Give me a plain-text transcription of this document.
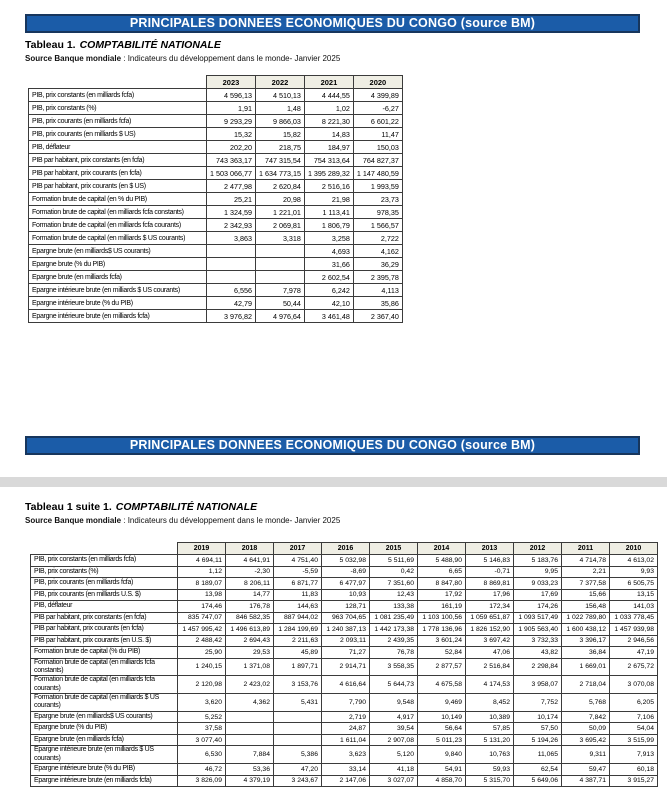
PRINCIPALES DONNEES ECONOMIQUES DU CONGO (source BM)
Tableau 1. COMPTABILITÉ NATIONALE
Source Banque mondiale : Indicateurs du développement dans le monde- Janvier 2025
	2023	2022	2021	2020
PIB, prix constants (en milliards fcfa)	4 596,13	4 510,13	4 444,55	4 399,89
PIB, prix constants (%)	1,91	1,48	1,02	-6,27
PIB, prix courants (en milliards fcfa)	9 293,29	9 866,03	8 221,30	6 601,22
PIB, prix courants (en milliards $ US)	15,32	15,82	14,83	11,47
PIB, déflateur	202,20	218,75	184,97	150,03
PIB par habitant, prix constants (en fcfa)	743 363,17	747 315,54	754 313,64	764 827,37
PIB par habitant, prix courants (en fcfa)	1 503 066,77	1 634 773,15	1 395 289,32	1 147 480,59
PIB par habitant, prix courants (en $ US)	2 477,98	2 620,84	2 516,16	1 993,59
Formation brute de capital (en % du PIB)	25,21	20,98	21,98	23,73
Formation brute de capital (en milliards fcfa constants)	1 324,59	1 221,01	1 113,41	978,35
Formation brute de capital (en milliards fcfa courants)	2 342,93	2 069,81	1 806,79	1 566,57
Formation brute de capital (en milliards $ US courants)	3,863	3,318	3,258	2,722
Epargne brute (en milliards$ US courants)			4,693	4,162
Epargne brute (% du PIB)			31,66	36,29
Epargne brute (en milliards fcfa)			2 602,54	2 395,78
Epargne intérieure brute (en milliards $ US courants)	6,556	7,978	6,242	4,113
Epargne intérieure brute (% du PIB)	42,79	50,44	42,10	35,86
Epargne intérieure brute (en milliards fcfa)	3 976,82	4 976,64	3 461,48	2 367,40
PRINCIPALES DONNEES ECONOMIQUES DU CONGO (source BM)
Tableau 1 suite 1. COMPTABILITÉ NATIONALE
Source Banque mondiale : Indicateurs du développement dans le monde- Janvier 2025
	2019	2018	2017	2016	2015	2014	2013	2012	2011	2010
PIB, prix constants (en milliards fcfa)	4 694,11	4 641,91	4 751,40	5 032,98	5 511,69	5 488,90	5 146,83	5 183,76	4 714,78	4 613,02
PIB, prix constants (%)	1,12	-2,30	-5,59	-8,69	0,42	6,65	-0,71	9,95	2,21	9,93
PIB, prix courants (en milliards fcfa)	8 189,07	8 206,11	6 871,77	6 477,97	7 351,60	8 847,80	8 869,81	9 033,23	7 377,58	6 505,75
PIB, prix courants (en milliards U.S. $)	13,98	14,77	11,83	10,93	12,43	17,92	17,96	17,69	15,66	13,15
PIB, déflateur	174,46	176,78	144,63	128,71	133,38	161,19	172,34	174,26	156,48	141,03
PIB par habitant, prix constants (en fcfa)	835 747,07	846 582,35	887 944,02	963 704,65	1 081 235,49	1 103 100,56	1 059 651,87	1 093 517,49	1 022 789,80	1 033 778,45
PIB par habitant, prix courants (en fcfa)	1 457 995,42	1 496 613,89	1 284 199,69	1 240 387,13	1 442 173,38	1 778 136,96	1 826 152,90	1 905 563,40	1 600 438,12	1 457 939,98
PIB par habitant, prix courants (en U.S. $)	2 488,42	2 694,43	2 211,63	2 093,11	2 439,35	3 601,24	3 697,42	3 732,33	3 396,17	2 946,56
Formation brute de capital (% du PIB)	25,90	29,53	45,89	71,27	76,78	52,84	47,06	43,82	36,84	47,19
Formation brute de capital (en milliards fcfa constants)	1 240,15	1 371,08	1 897,71	2 914,71	3 558,35	2 877,57	2 516,84	2 298,84	1 669,01	2 675,72
Formation brute de capital (en milliards fcfa courants)	2 120,98	2 423,02	3 153,76	4 616,64	5 644,73	4 675,58	4 174,53	3 958,07	2 718,04	3 070,08
Formation brute de capital (en milliards $ US courants)	3,620	4,362	5,431	7,790	9,548	9,469	8,452	7,752	5,768	6,205
Epargne brute (en milliards$ US courants)	5,252			2,719	4,917	10,149	10,389	10,174	7,842	7,106
Epargne brute (% du PIB)	37,58			24,87	39,54	56,64	57,85	57,50	50,09	54,04
Epargne brute (en milliards fcfa)	3 077,40			1 611,04	2 907,08	5 011,23	5 131,20	5 194,26	3 695,42	3 515,99
Epargne intérieure brute (en milliards $ US courants)	6,530	7,884	5,386	3,623	5,120	9,840	10,763	11,065	9,311	7,913
Epargne intérieure brute (% du PIB)	46,72	53,36	47,20	33,14	41,18	54,91	59,93	62,54	59,47	60,18
Epargne intérieure brute (en milliards fcfa)	3 826,09	4 379,19	3 243,67	2 147,06	3 027,07	4 858,70	5 315,70	5 649,06	4 387,71	3 915,27
